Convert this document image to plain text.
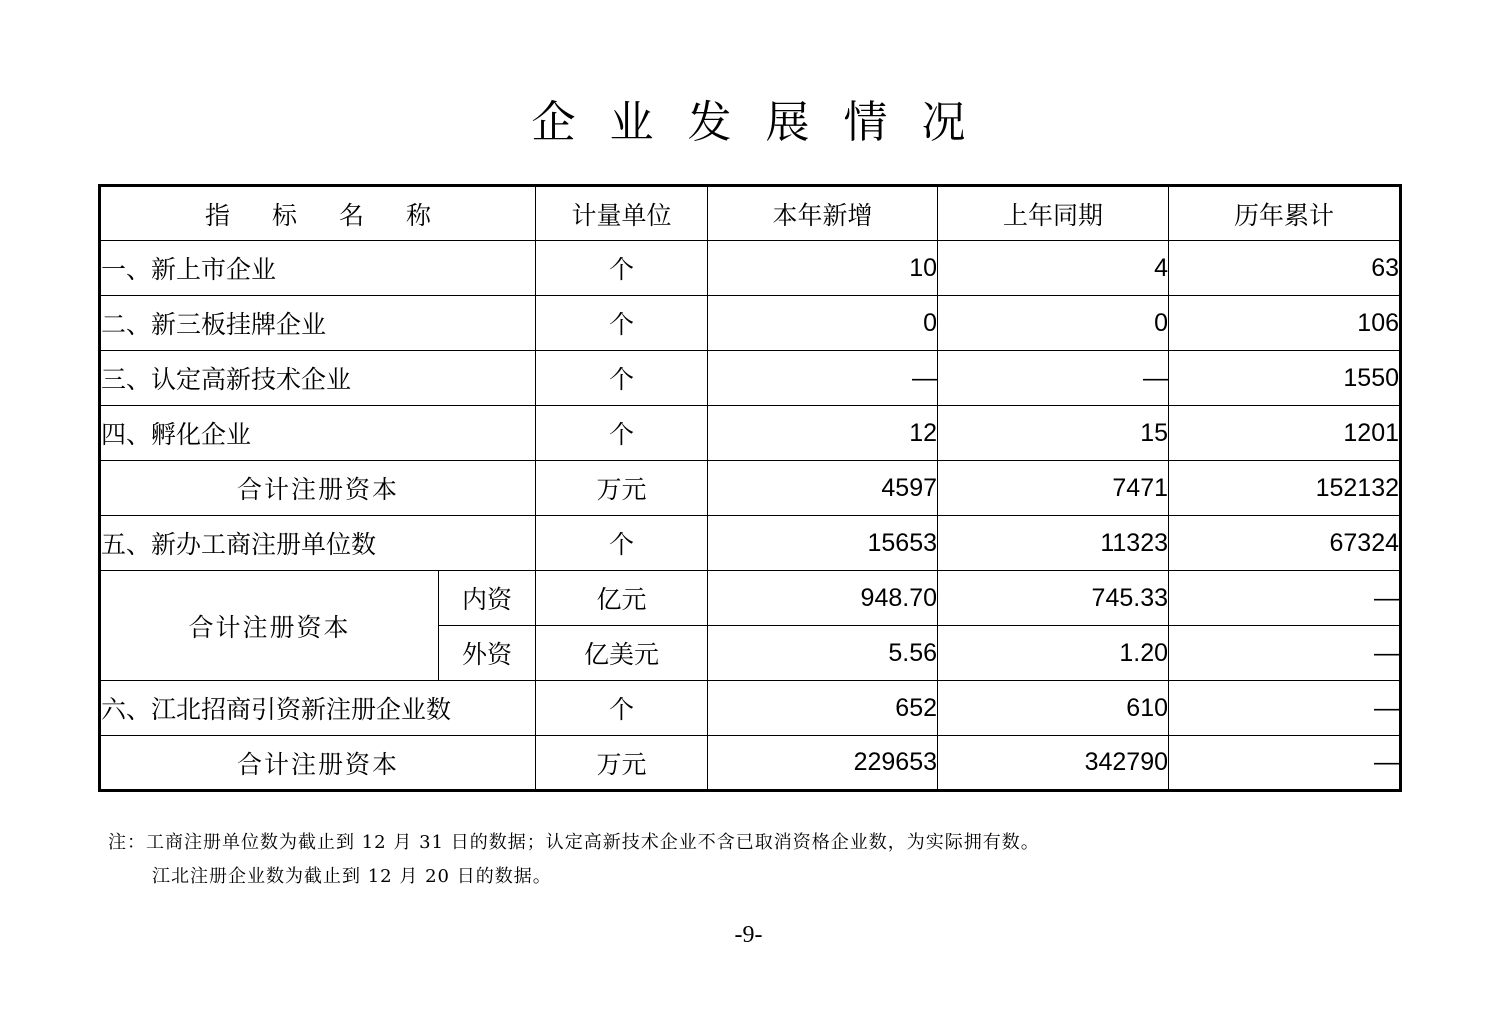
企业发展情况
指标名称		计量单位	本年新增	上年同期	历年累计
一、新上市企业		个	10	4	63
二、新三板挂牌企业		个	0	0	106
三、认定高新技术企业		个	—	—	1550
四、孵化企业		个	12	15	1201
合计注册资本		万元	4597	7471	152132
五、新办工商注册单位数		个	15653	11323	67324
合计注册资本	内资	亿元	948.70	745.33	—
	外资	亿美元	5.56	1.20	—
六、江北招商引资新注册企业数		个	652	610	—
合计注册资本		万元	229653	342790	—
注：工商注册单位数为截止到 12 月 31 日的数据；认定高新技术企业不含已取消资格企业数，为实际拥有数。
江北注册企业数为截止到 12 月 20 日的数据。
-9-
